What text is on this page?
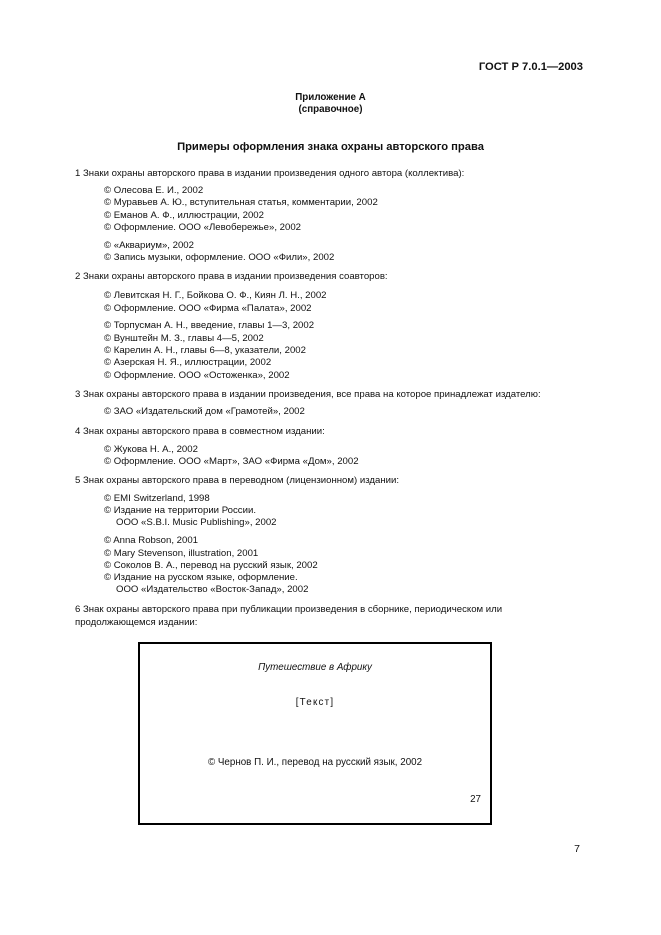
ГОСТ Р 7.0.1—2003
Приложение А
(справочное)
Примеры оформления знака охраны авторского права
1 Знаки охраны авторского права в издании произведения одного автора (коллектива):
© Олесова Е. И., 2002
© Муравьев А. Ю., вступительная статья, комментарии, 2002
© Еманов А. Ф., иллюстрации, 2002
© Оформление. ООО «Левобережье», 2002
© «Аквариум», 2002
© Запись музыки, оформление. ООО «Фили», 2002
2 Знаки охраны авторского права в издании произведения соавторов:
© Левитская Н. Г., Бойкова О. Ф., Киян Л. Н., 2002
© Оформление. ООО «Фирма «Палата», 2002
© Торпусман А. Н., введение, главы 1—3, 2002
© Вунштейн М. З., главы 4—5, 2002
© Карелин А. Н., главы 6—8, указатели, 2002
© Азерская Н. Я., иллюстрации, 2002
© Оформление. ООО «Остоженка», 2002
3 Знак охраны авторского права в издании произведения, все права на которое принадлежат издателю:
© ЗАО «Издательский дом «Грамотей», 2002
4 Знак охраны авторского права в совместном издании:
© Жукова Н. А., 2002
© Оформление. ООО «Март», ЗАО «Фирма «Дом», 2002
5 Знак охраны авторского права в переводном (лицензионном) издании:
© EMI Switzerland, 1998
© Издание на территории России.
ООО «S.B.I. Music Publishing», 2002
© Anna Robson, 2001
© Mary Stevenson, illustration, 2001
© Соколов В. А., перевод на русский язык, 2002
© Издание на русском языке, оформление.
ООО «Издательство «Восток-Запад», 2002
6 Знак охраны авторского права при публикации произведения в сборнике, периодическом или продолжающемся издании:
Путешествие в Африку
[Текст]
© Чернов П. И., перевод на русский язык, 2002
27
7
